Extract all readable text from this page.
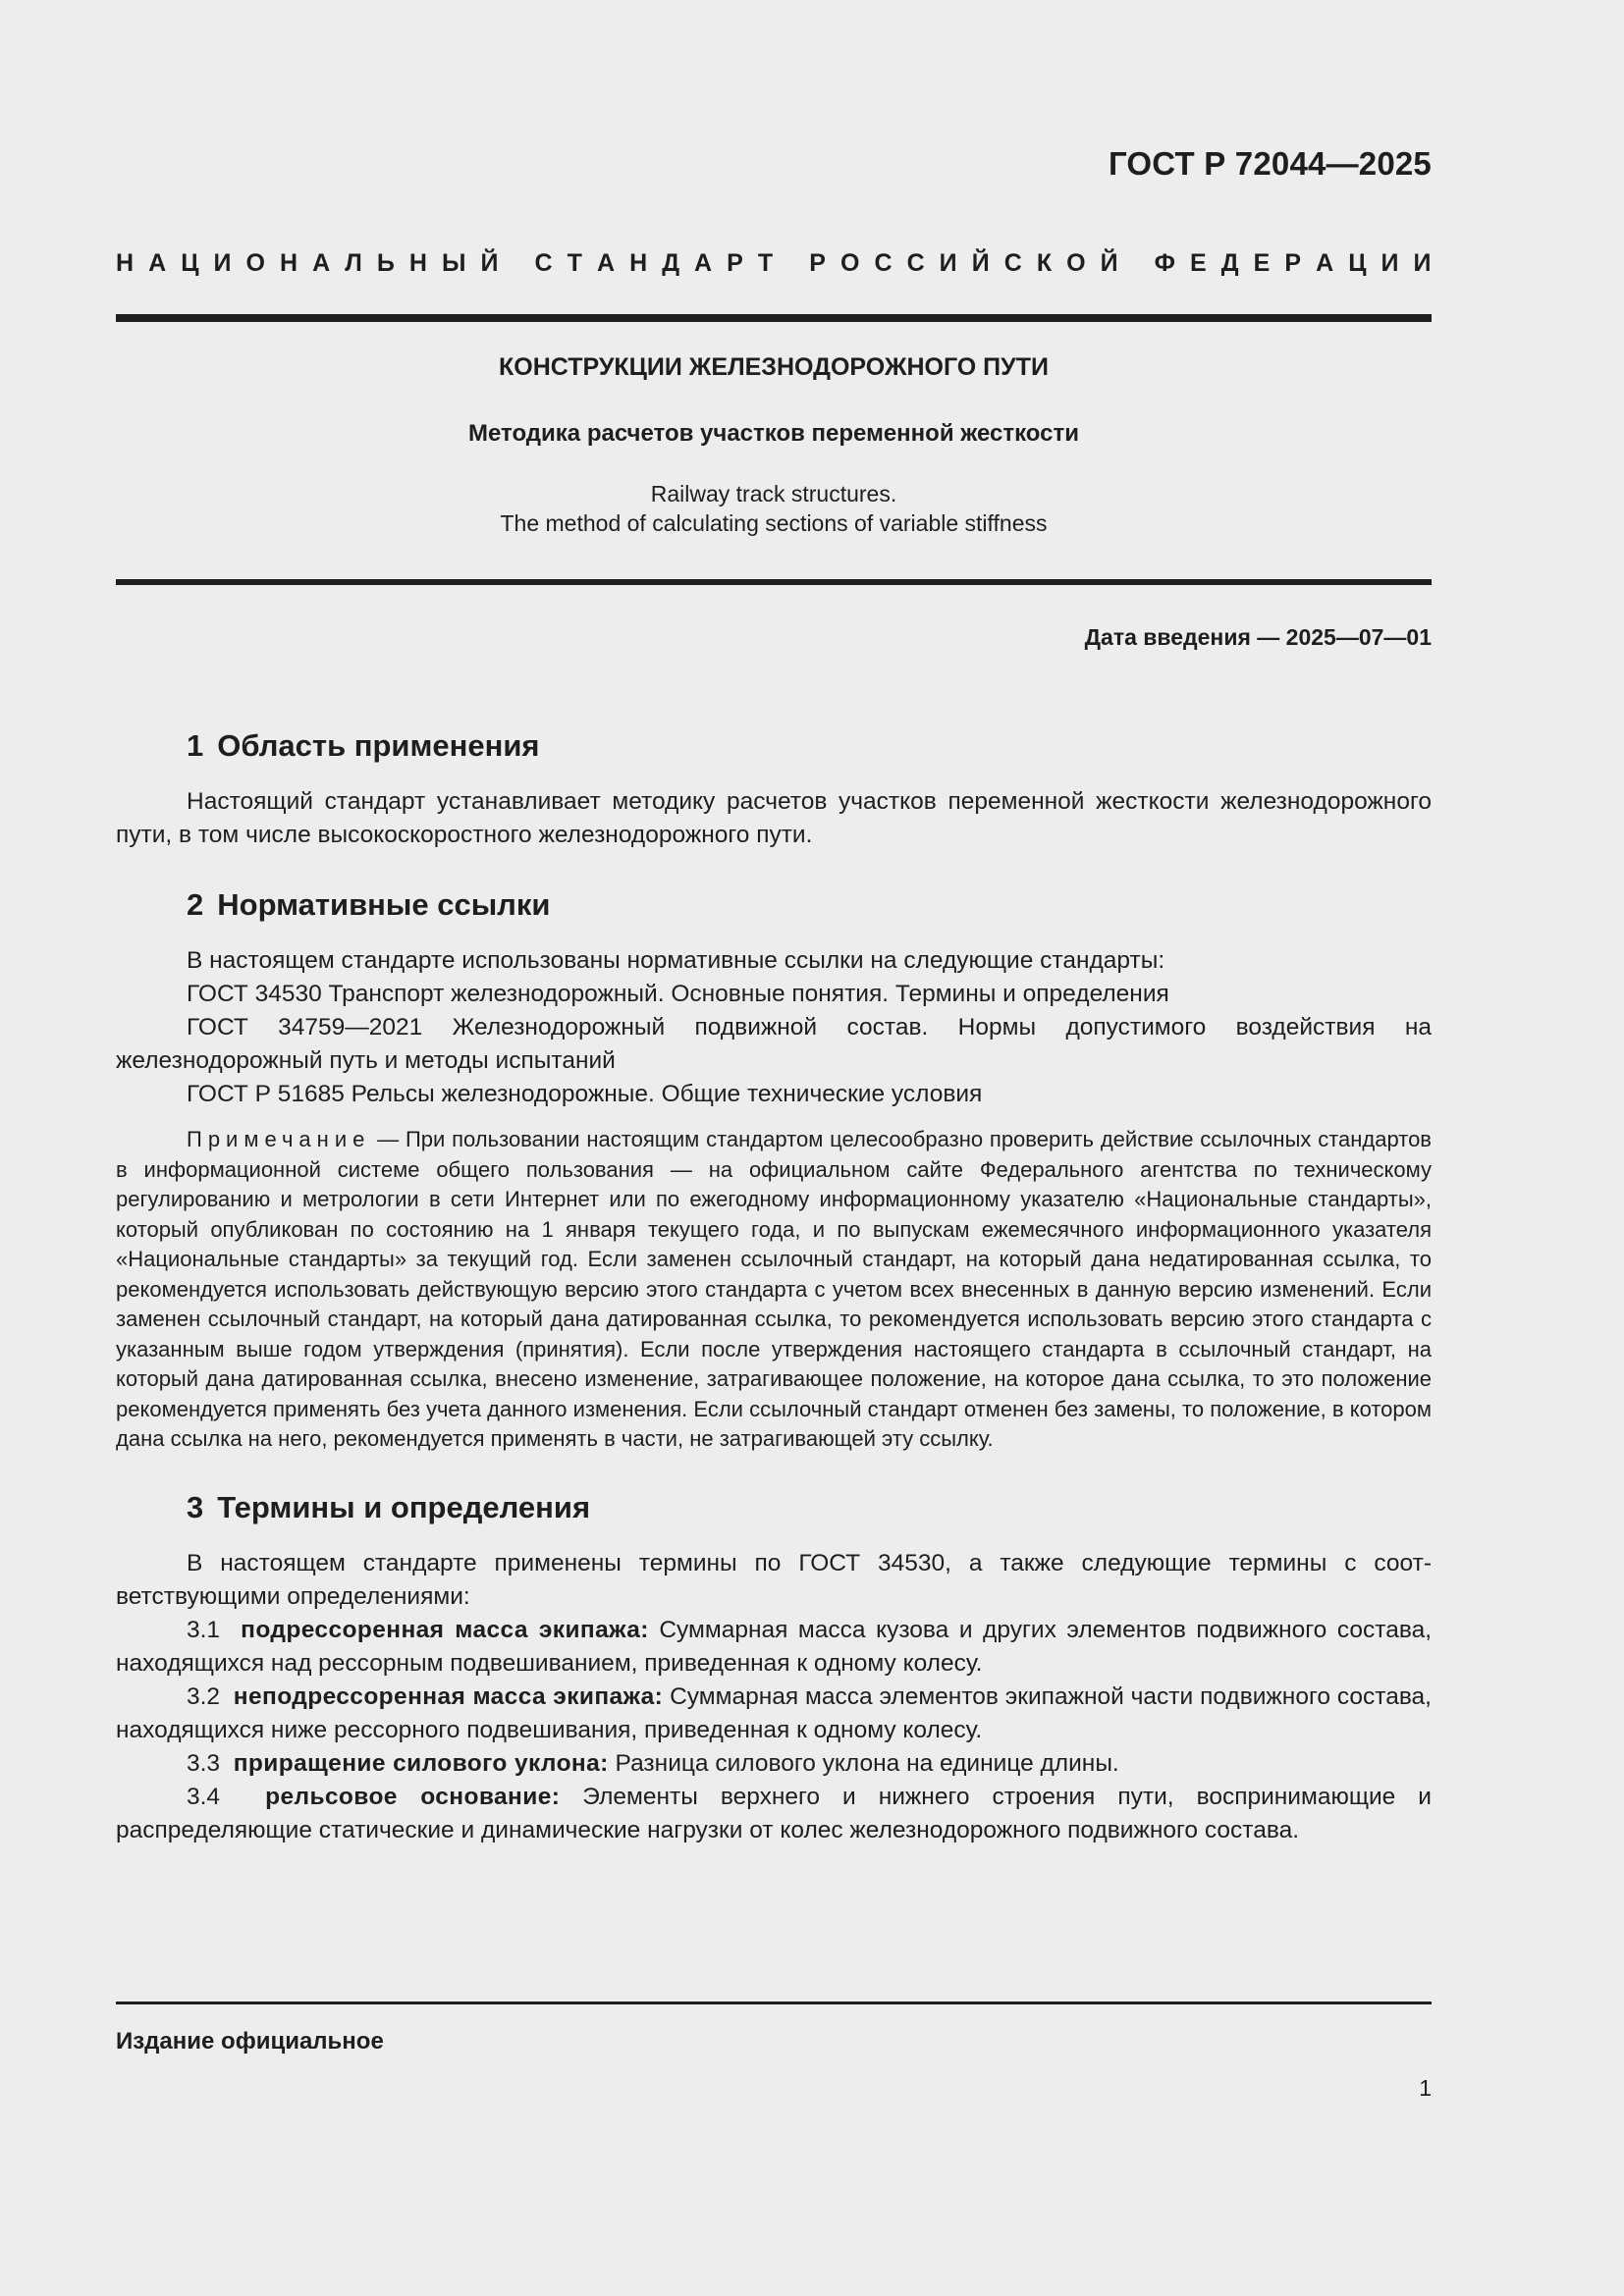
ГОСТ Р 72044—2025
Н А Ц И О Н А Л Ь Н Ы Й
С Т А Н Д А Р Т
Р О С С И Й С К О Й
Ф Е Д Е Р А Ц И И
КОНСТРУКЦИИ ЖЕЛЕЗНОДОРОЖНОГО ПУТИ
Методика расчетов участков переменной жесткости
Railway track structures.
The method of calculating sections of variable stiffness
Дата введения — 2025—07—01
1 Область применения

Настоящий стандарт устанавливает методику расчетов участков переменной жесткости железнодорожного пути, в том числе высокоскоростного железнодорожного пути.

2 Нормативные ссылки

В настоящем стандарте использованы нормативные ссылки на следующие стандарты:

ГОСТ 34530 Транспорт железнодорожный. Основные понятия. Термины и определения

ГОСТ 34759—2021 Железнодорожный подвижной состав. Нормы допустимого воздействия на железнодорожный путь и методы испытаний

ГОСТ Р 51685 Рельсы железнодорожные. Общие технические условия

Примечание — При пользовании настоящим стандартом целесообразно проверить действие ссылочных стандартов в информационной системе общего пользования — на официальном сайте Федерального агентства по техническому регулированию и метрологии в сети Интернет или по ежегодному информационному указателю «Национальные стандарты», который опубликован по состоянию на 1 января текущего года, и по выпускам ежемесячного информационного указателя «Национальные стандарты» за текущий год. Если заменен ссылочный стандарт, на который дана недатированная ссылка, то рекомендуется использовать действующую версию этого стандарта с учетом всех внесенных в данную версию изменений. Если заменен ссылочный стандарт, на который дана датированная ссылка, то рекомендуется использовать версию этого стандарта с указанным выше годом утверждения (принятия). Если после утверждения настоящего стандарта в ссылочный стандарт, на который дана датированная ссылка, внесено изменение, затрагивающее положение, на которое дана ссылка, то это положение рекомендуется применять без учета данного изменения. Если ссылочный стандарт отменен без замены, то положение, в котором дана ссылка на него, рекомендуется применять в части, не затрагивающей эту ссылку.

3 Термины и определения

В настоящем стандарте применены термины по ГОСТ 34530, а также следующие термины с соответствующими определениями:

3.1 подрессоренная масса экипажа: Суммарная масса кузова и других элементов подвижного состава, находящихся над рессорным подвешиванием, приведенная к одному колесу.

3.2 неподрессоренная масса экипажа: Суммарная масса элементов экипажной части подвижного состава, находящихся ниже рессорного подвешивания, приведенная к одному колесу.

3.3 приращение силового уклона: Разница силового уклона на единице длины.

3.4 рельсовое основание: Элементы верхнего и нижнего строения пути, воспринимающие и распределяющие статические и динамические нагрузки от колес железнодорожного подвижного состава.

Издание официальное
1
